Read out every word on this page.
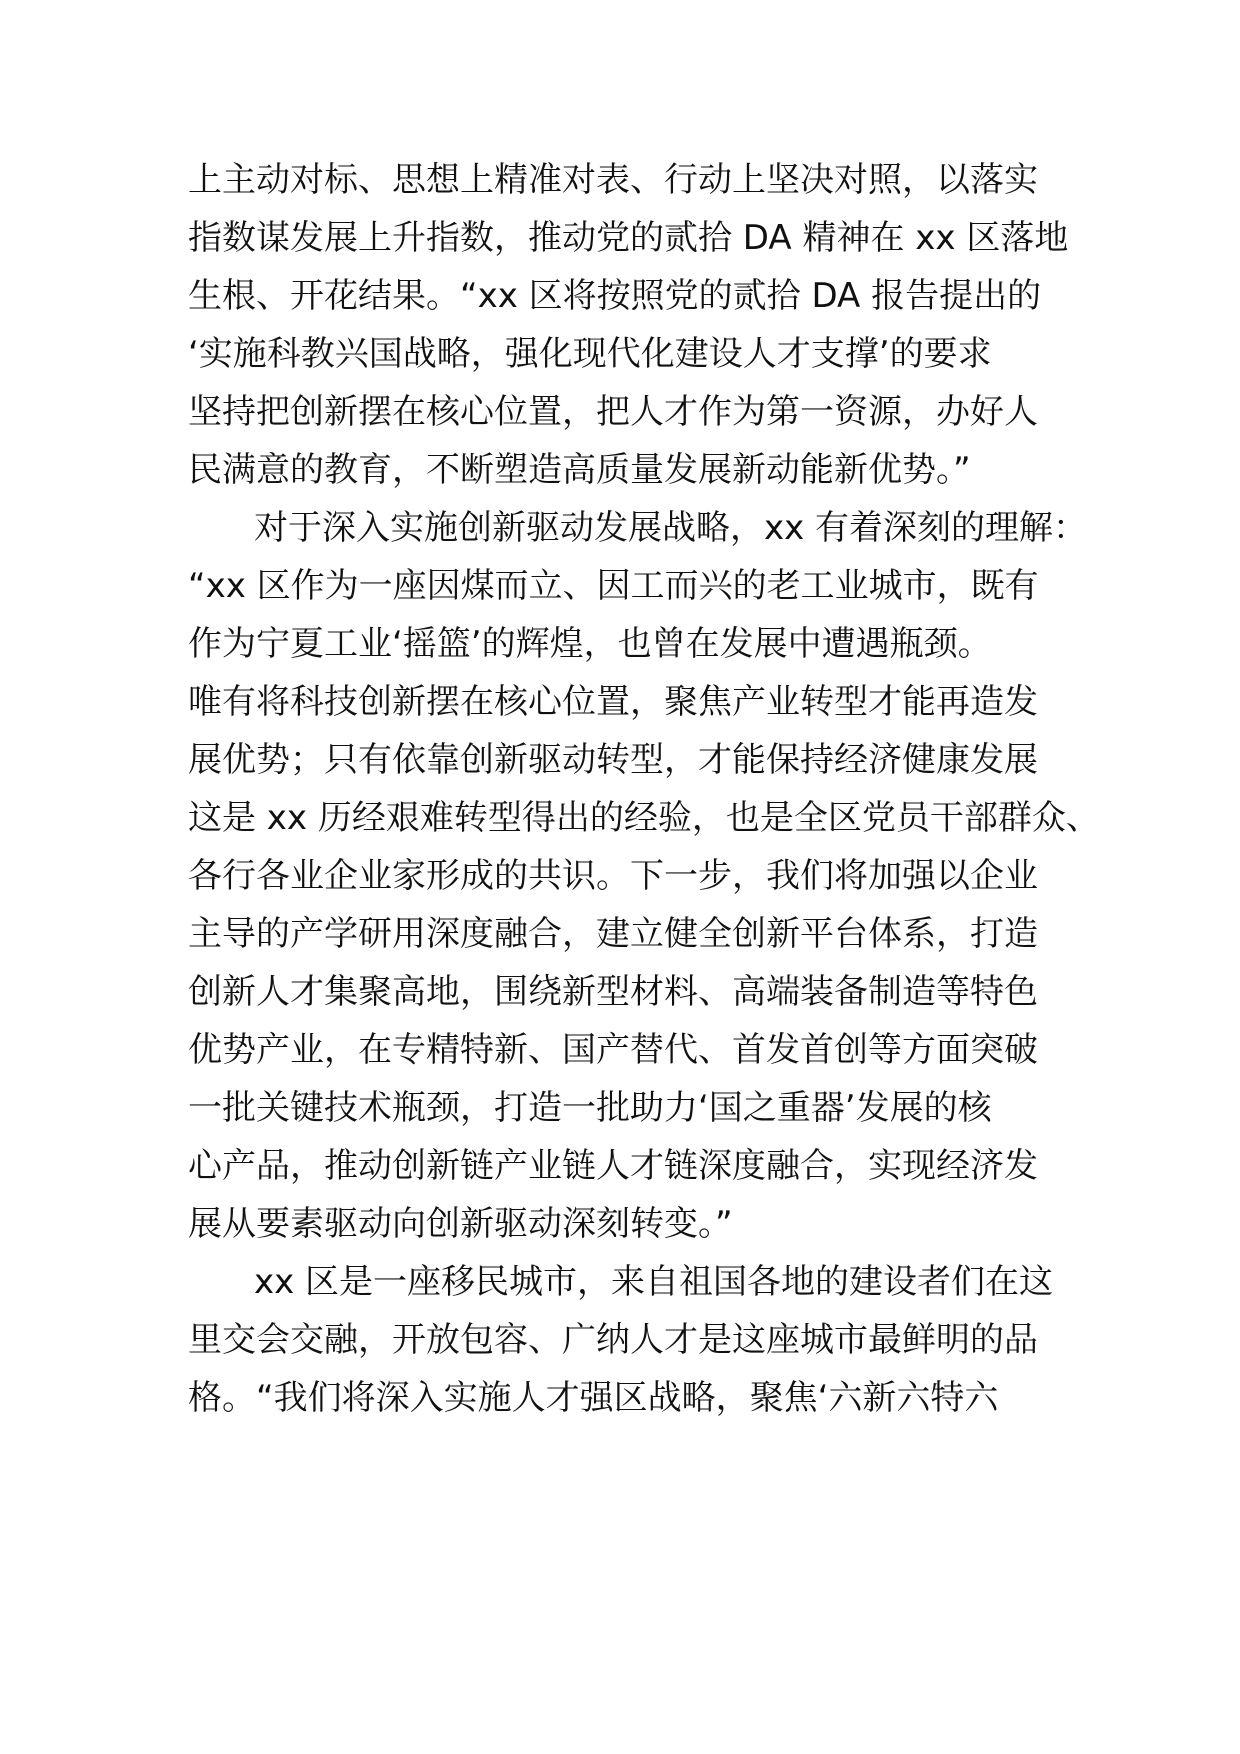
上主动对标、思想上精准对表、行动上坚决对照，以落实
指数谋发展上升指数，推动党的贰拾 DA 精神在 xx 区落地
生根、开花结果。“xx 区将按照党的贰拾 DA 报告提出的
‘实施科教兴国战略，强化现代化建设人才支撑’的要求
坚持把创新摆在核心位置，把人才作为第一资源，办好人
民满意的教育，不断塑造高质量发展新动能新优势。”
对于深入实施创新驱动发展战略，xx 有着深刻的理解：
“xx 区作为一座因煤而立、因工而兴的老工业城市，既有
作为宁夏工业‘摇篮’的辉煌，也曾在发展中遭遇瓶颈。
唯有将科技创新摆在核心位置，聚焦产业转型才能再造发
展优势；只有依靠创新驱动转型，才能保持经济健康发展
这是 xx 历经艰难转型得出的经验，也是全区党员干部群众、
各行各业企业家形成的共识。下一步，我们将加强以企业
主导的产学研用深度融合，建立健全创新平台体系，打造
创新人才集聚高地，围绕新型材料、高端装备制造等特色
优势产业，在专精特新、国产替代、首发首创等方面突破
一批关键技术瓶颈，打造一批助力‘国之重器’发展的核
心产品，推动创新链产业链人才链深度融合，实现经济发
展从要素驱动向创新驱动深刻转变。”
xx 区是一座移民城市，来自祖国各地的建设者们在这
里交会交融，开放包容、广纳人才是这座城市最鲜明的品
格。“我们将深入实施人才强区战略，聚焦‘六新六特六
